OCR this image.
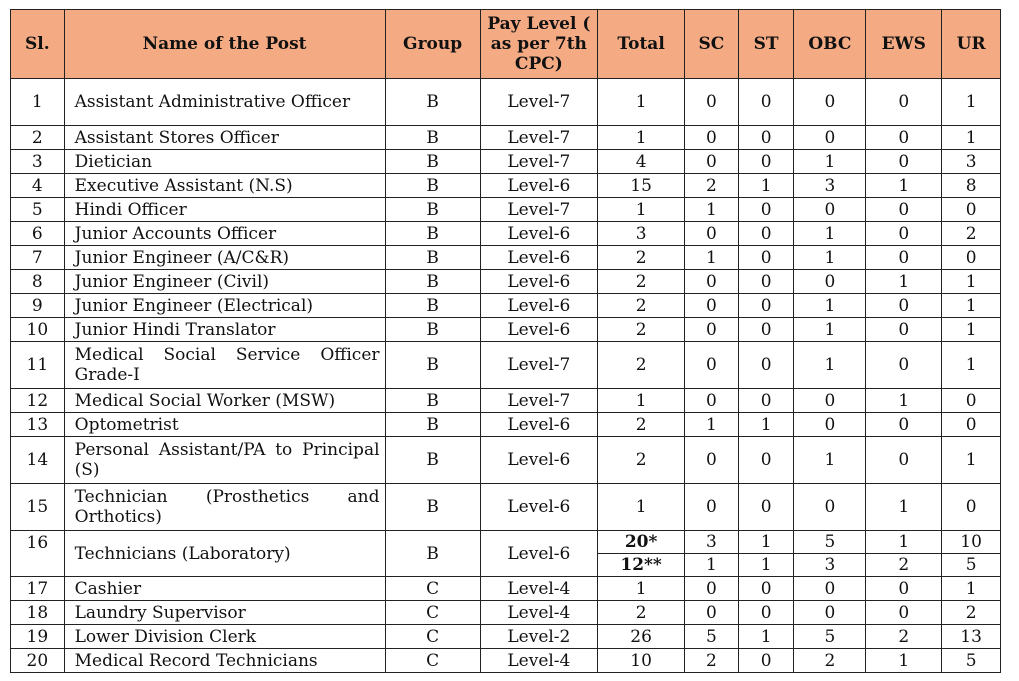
Sl.	Name of the Post	Group	Pay Level ( as per 7th CPC)	Total	SC	ST	OBC	EWS	UR
1	Assistant Administrative Officer	B	Level-7	1	0	0	0	0	1
2	Assistant Stores Officer	B	Level-7	1	0	0	0	0	1
3	Dietician	B	Level-7	4	0	0	1	0	3
4	Executive Assistant (N.S)	B	Level-6	15	2	1	3	1	8
5	Hindi Officer	B	Level-7	1	1	0	0	0	0
6	Junior Accounts Officer	B	Level-6	3	0	0	1	0	2
7	Junior Engineer (A/C&R)	B	Level-6	2	1	0	1	0	0
8	Junior Engineer (Civil)	B	Level-6	2	0	0	0	1	1
9	Junior Engineer (Electrical)	B	Level-6	2	0	0	1	0	1
10	Junior Hindi Translator	B	Level-6	2	0	0	1	0	1
11	Medical Social Service Officer Grade-I	B	Level-7	2	0	0	1	0	1
12	Medical Social Worker (MSW)	B	Level-7	1	0	0	0	1	0
13	Optometrist	B	Level-6	2	1	1	0	0	0
14	Personal Assistant/PA to Principal (S)	B	Level-6	2	0	0	1	0	1
15	Technician (Prosthetics and Orthotics)	B	Level-6	1	0	0	0	1	0
16	Technicians (Laboratory)	B	Level-6	20*	3	1	5	1	10
				12**	1	1	3	2	5
17	Cashier	C	Level-4	1	0	0	0	0	1
18	Laundry Supervisor	C	Level-4	2	0	0	0	0	2
19	Lower Division Clerk	C	Level-2	26	5	1	5	2	13
20	Medical Record Technicians	C	Level-4	10	2	0	2	1	5
